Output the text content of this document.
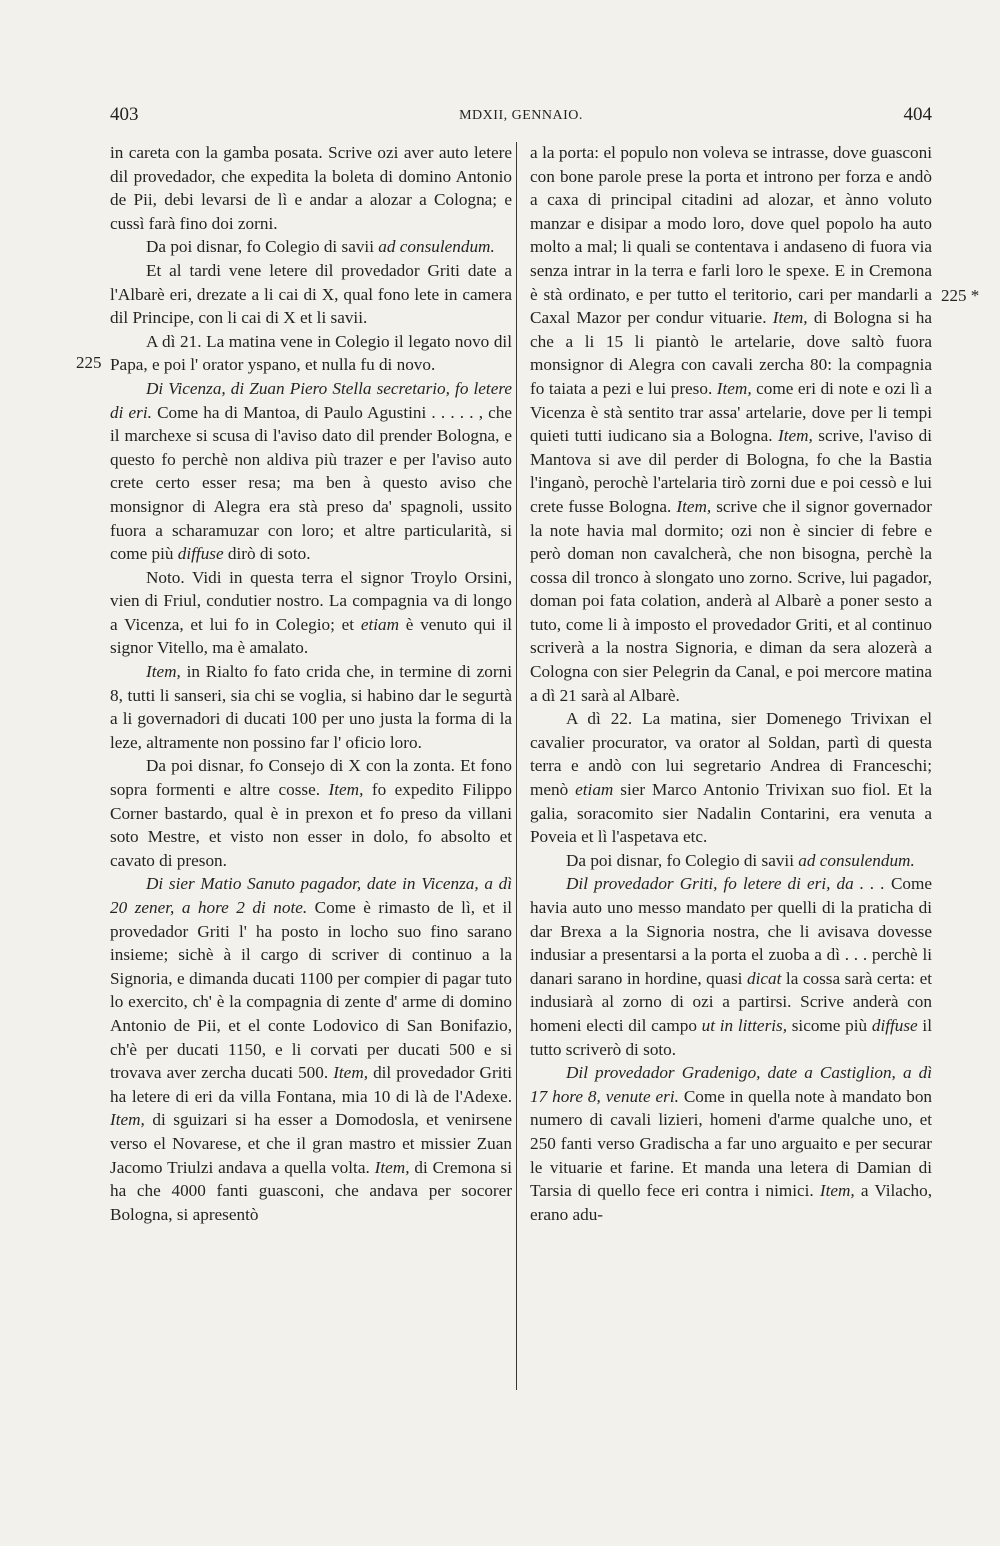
403	MDXII, GENNAIO.	404
225
225 *

in careta con la gamba posata. Scrive ozi aver auto letere dil provedador, che expedita la boleta di domino Antonio de Pii, debi levarsi de lì e andar a alozar a Cologna; e cussì farà fino doi zorni.

Da poi disnar, fo Colegio di savii ad consulendum.

Et al tardi vene letere dil provedador Griti date a l'Albarè eri, drezate a li cai di X, qual fono lete in camera dil Principe, con li cai di X et li savii.

A dì 21. La matina vene in Colegio il legato novo dil Papa, e poi l' orator yspano, et nulla fu di novo.

Di Vicenza, di Zuan Piero Stella secretario, fo letere di eri. Come ha di Mantoa, di Paulo Agustini . . . . . , che il marchexe si scusa di l'aviso dato dil prender Bologna, e questo fo perchè non aldiva più trazer e per l'aviso auto crete certo esser resa; ma ben à questo aviso che monsignor di Alegra era stà preso da' spagnoli, ussito fuora a scharamuzar con loro; et altre particularità, si come più diffuse dirò di soto.

Noto. Vidi in questa terra el signor Troylo Orsini, vien di Friul, condutier nostro. La compagnia va di longo a Vicenza, et lui fo in Colegio; et etiam è venuto qui il signor Vitello, ma è amalato.

Item, in Rialto fo fato crida che, in termine di zorni 8, tutti li sanseri, sia chi se voglia, si habino dar le segurtà a li governadori di ducati 100 per uno justa la forma di la leze, altramente non possino far l' oficio loro.

Da poi disnar, fo Consejo di X con la zonta. Et fono sopra formenti e altre cosse. Item, fo expedito Filippo Corner bastardo, qual è in prexon et fo preso da villani soto Mestre, et visto non esser in dolo, fo absolto et cavato di preson.

Di sier Matio Sanuto pagador, date in Vicenza, a dì 20 zener, a hore 2 di note. Come è rimasto de lì, et il provedador Griti l' ha posto in locho suo fino sarano insieme; sichè à il cargo di scriver di continuo a la Signoria, e dimanda ducati 1100 per compier di pagar tuto lo exercito, ch' è la compagnia di zente d' arme di domino Antonio de Pii, et el conte Lodovico di San Bonifazio, ch'è per ducati 1150, e li corvati per ducati 500 e si trovava aver zercha ducati 500. Item, dil provedador Griti ha letere di eri da villa Fontana, mia 10 di là de l'Adexe. Item, di sguizari si ha esser a Domodosla, et venirsene verso el Novarese, et che il gran mastro et missier Zuan Jacomo Triulzi andava a quella volta. Item, di Cremona si ha che 4000 fanti guasconi, che andava per socorer Bologna, si apresentò

a la porta: el populo non voleva se intrasse, dove guasconi con bone parole prese la porta et introno per forza e andò a caxa di principal citadini ad alozar, et ànno voluto manzar e disipar a modo loro, dove quel popolo ha auto molto a mal; li quali se contentava i andaseno di fuora via senza intrar in la terra e farli loro le spexe. E in Cremona è stà ordinato, e per tutto el teritorio, cari per mandarli a Caxal Mazor per condur vituarie. Item, di Bologna si ha che a li 15 li piantò le artelarie, dove saltò fuora monsignor di Alegra con cavali zercha 80: la compagnia fo taiata a pezi e lui preso. Item, come eri di note e ozi lì a Vicenza è stà sentito trar assa' artelarie, dove per li tempi quieti tutti iudicano sia a Bologna. Item, scrive, l'aviso di Mantova si ave dil perder di Bologna, fo che la Bastia l'inganò, perochè l'artelaria tirò zorni due e poi cessò e lui crete fusse Bologna. Item, scrive che il signor governador la note havia mal dormito; ozi non è sincier di febre e però doman non cavalcherà, che non bisogna, perchè la cossa dil tronco à slongato uno zorno. Scrive, lui pagador, doman poi fata colation, anderà al Albarè a poner sesto a tuto, come li à imposto el provedador Griti, et al continuo scriverà a la nostra Signoria, e diman da sera alozerà a Cologna con sier Pelegrin da Canal, e poi mercore matina a dì 21 sarà al Albarè.

A dì 22. La matina, sier Domenego Trivixan el cavalier procurator, va orator al Soldan, partì di questa terra e andò con lui segretario Andrea di Franceschi; menò etiam sier Marco Antonio Trivixan suo fiol. Et la galia, soracomito sier Nadalin Contarini, era venuta a Poveia et lì l'aspetava etc.

Da poi disnar, fo Colegio di savii ad consulendum.

Dil provedador Griti, fo letere di eri, da . . . Come havia auto uno messo mandato per quelli di la praticha di dar Brexa a la Signoria nostra, che li avisava dovesse indusiar a presentarsi a la porta el zuoba a dì . . . perchè li danari sarano in hordine, quasi dicat la cossa sarà certa: et indusiarà al zorno di ozi a partirsi. Scrive anderà con homeni electi dil campo ut in litteris, sicome più diffuse il tutto scriverò di soto.

Dil provedador Gradenigo, date a Castiglion, a dì 17 hore 8, venute eri. Come in quella note à mandato bon numero di cavali lizieri, homeni d'arme qualche uno, et 250 fanti verso Gradischa a far uno arguaito e per securar le vituarie et farine. Et manda una letera di Damian di Tarsia di quello fece eri contra i nimici. Item, a Vilacho, erano adu-
